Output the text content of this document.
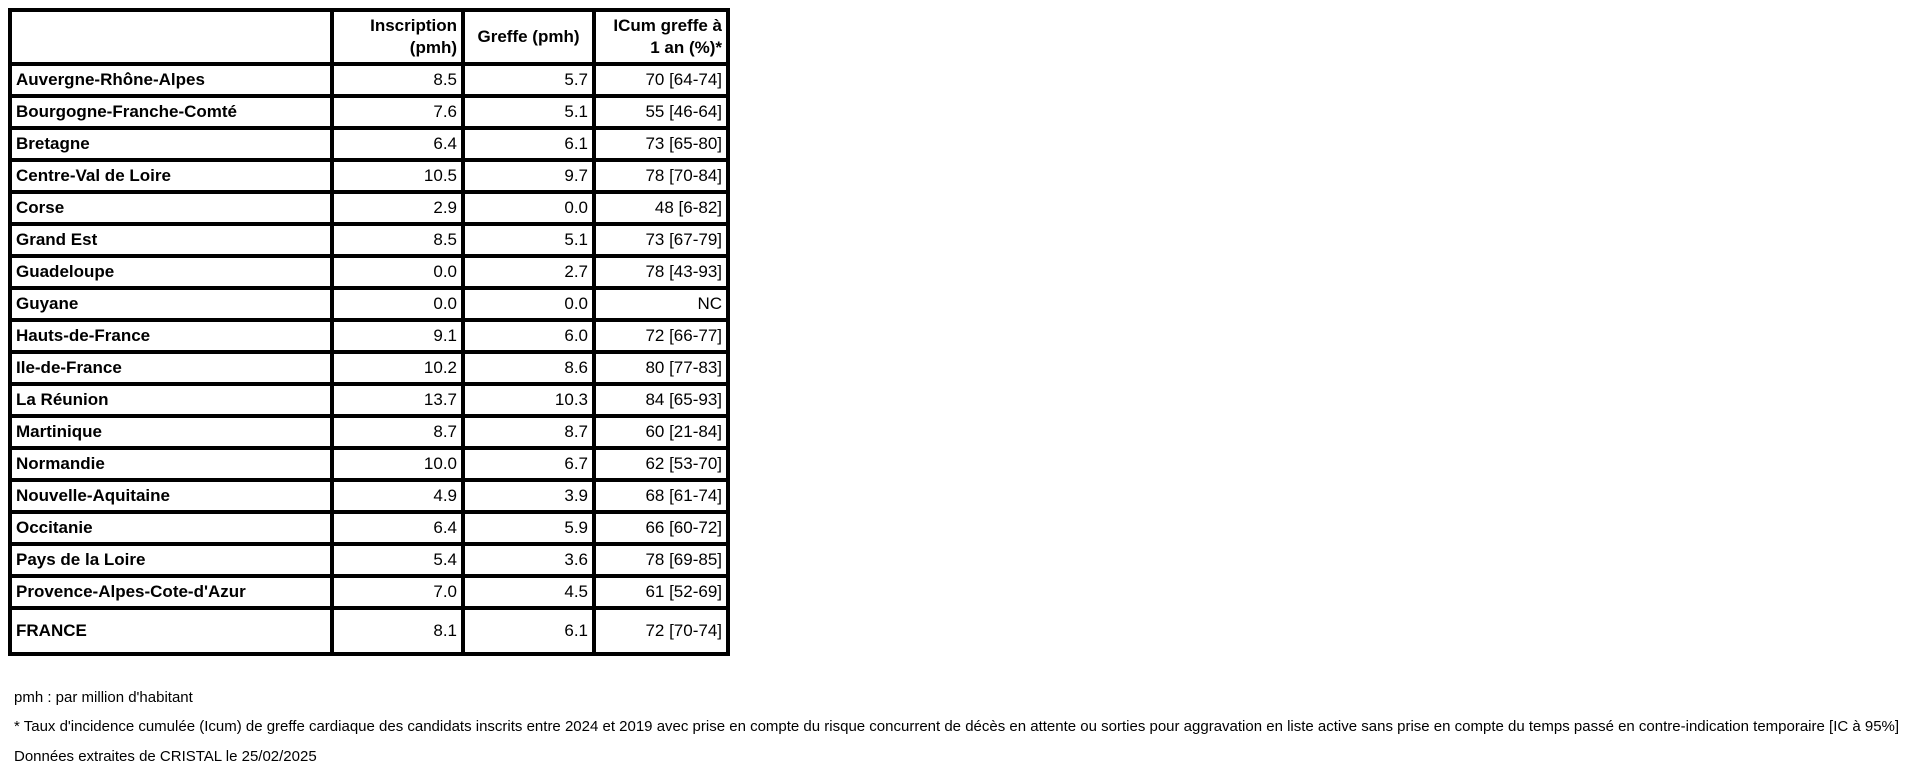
	Inscription (pmh)	Greffe (pmh)	ICum greffe à 1 an (%)*
Auvergne-Rhône-Alpes	8.5	5.7	70 [64-74]
Bourgogne-Franche-Comté	7.6	5.1	55 [46-64]
Bretagne	6.4	6.1	73 [65-80]
Centre-Val de Loire	10.5	9.7	78 [70-84]
Corse	2.9	0.0	48 [6-82]
Grand Est	8.5	5.1	73 [67-79]
Guadeloupe	0.0	2.7	78 [43-93]
Guyane	0.0	0.0	NC
Hauts-de-France	9.1	6.0	72 [66-77]
Ile-de-France	10.2	8.6	80 [77-83]
La Réunion	13.7	10.3	84 [65-93]
Martinique	8.7	8.7	60 [21-84]
Normandie	10.0	6.7	62 [53-70]
Nouvelle-Aquitaine	4.9	3.9	68 [61-74]
Occitanie	6.4	5.9	66 [60-72]
Pays de la Loire	5.4	3.6	78 [69-85]
Provence-Alpes-Cote-d'Azur	7.0	4.5	61 [52-69]
FRANCE	8.1	6.1	72 [70-74]
pmh : par million d'habitant
* Taux d'incidence cumulée (Icum) de greffe cardiaque des candidats inscrits entre 2024 et 2019 avec prise en compte du risque concurrent de décès en attente ou sorties pour aggravation en liste active sans prise en compte du temps passé en contre-indication temporaire [IC à 95%]
Données extraites de CRISTAL le 25/02/2025
